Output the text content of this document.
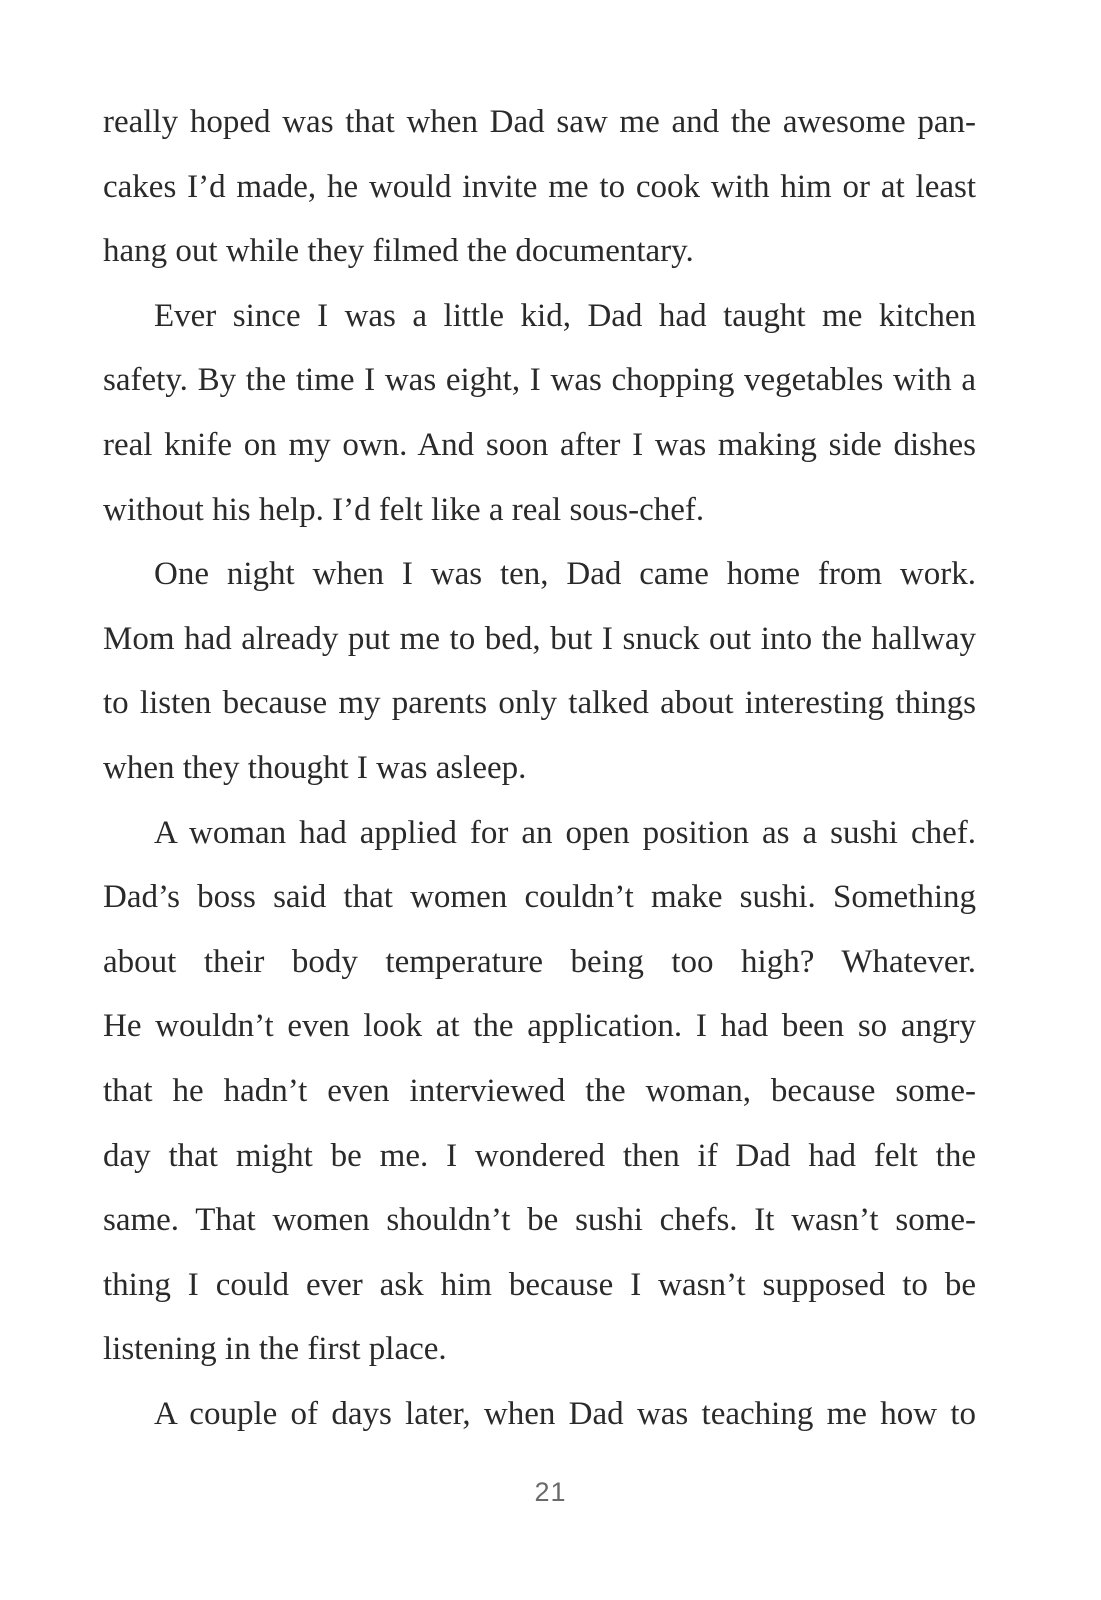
really hoped was that when Dad saw me and the awesome pan-
cakes I’d made, he would invite me to cook with him or at least
hang out while they filmed the documentary.
Ever since I was a little kid, Dad had taught me kitchen
safety. By the time I was eight, I was chopping vegetables with a
real knife on my own. And soon after I was making side dishes
without his help. I’d felt like a real sous-chef.
One night when I was ten, Dad came home from work.
Mom had already put me to bed, but I snuck out into the hallway
to listen because my parents only talked about interesting things
when they thought I was asleep.
A woman had applied for an open position as a sushi chef.
Dad’s boss said that women couldn’t make sushi. Something
about their body temperature being too high? Whatever.
He wouldn’t even look at the application. I had been so angry
that he hadn’t even interviewed the woman, because some-
day that might be me. I wondered then if Dad had felt the
same. That women shouldn’t be sushi chefs. It wasn’t some-
thing I could ever ask him because I wasn’t supposed to be
listening in the first place.
A couple of days later, when Dad was teaching me how to
21
